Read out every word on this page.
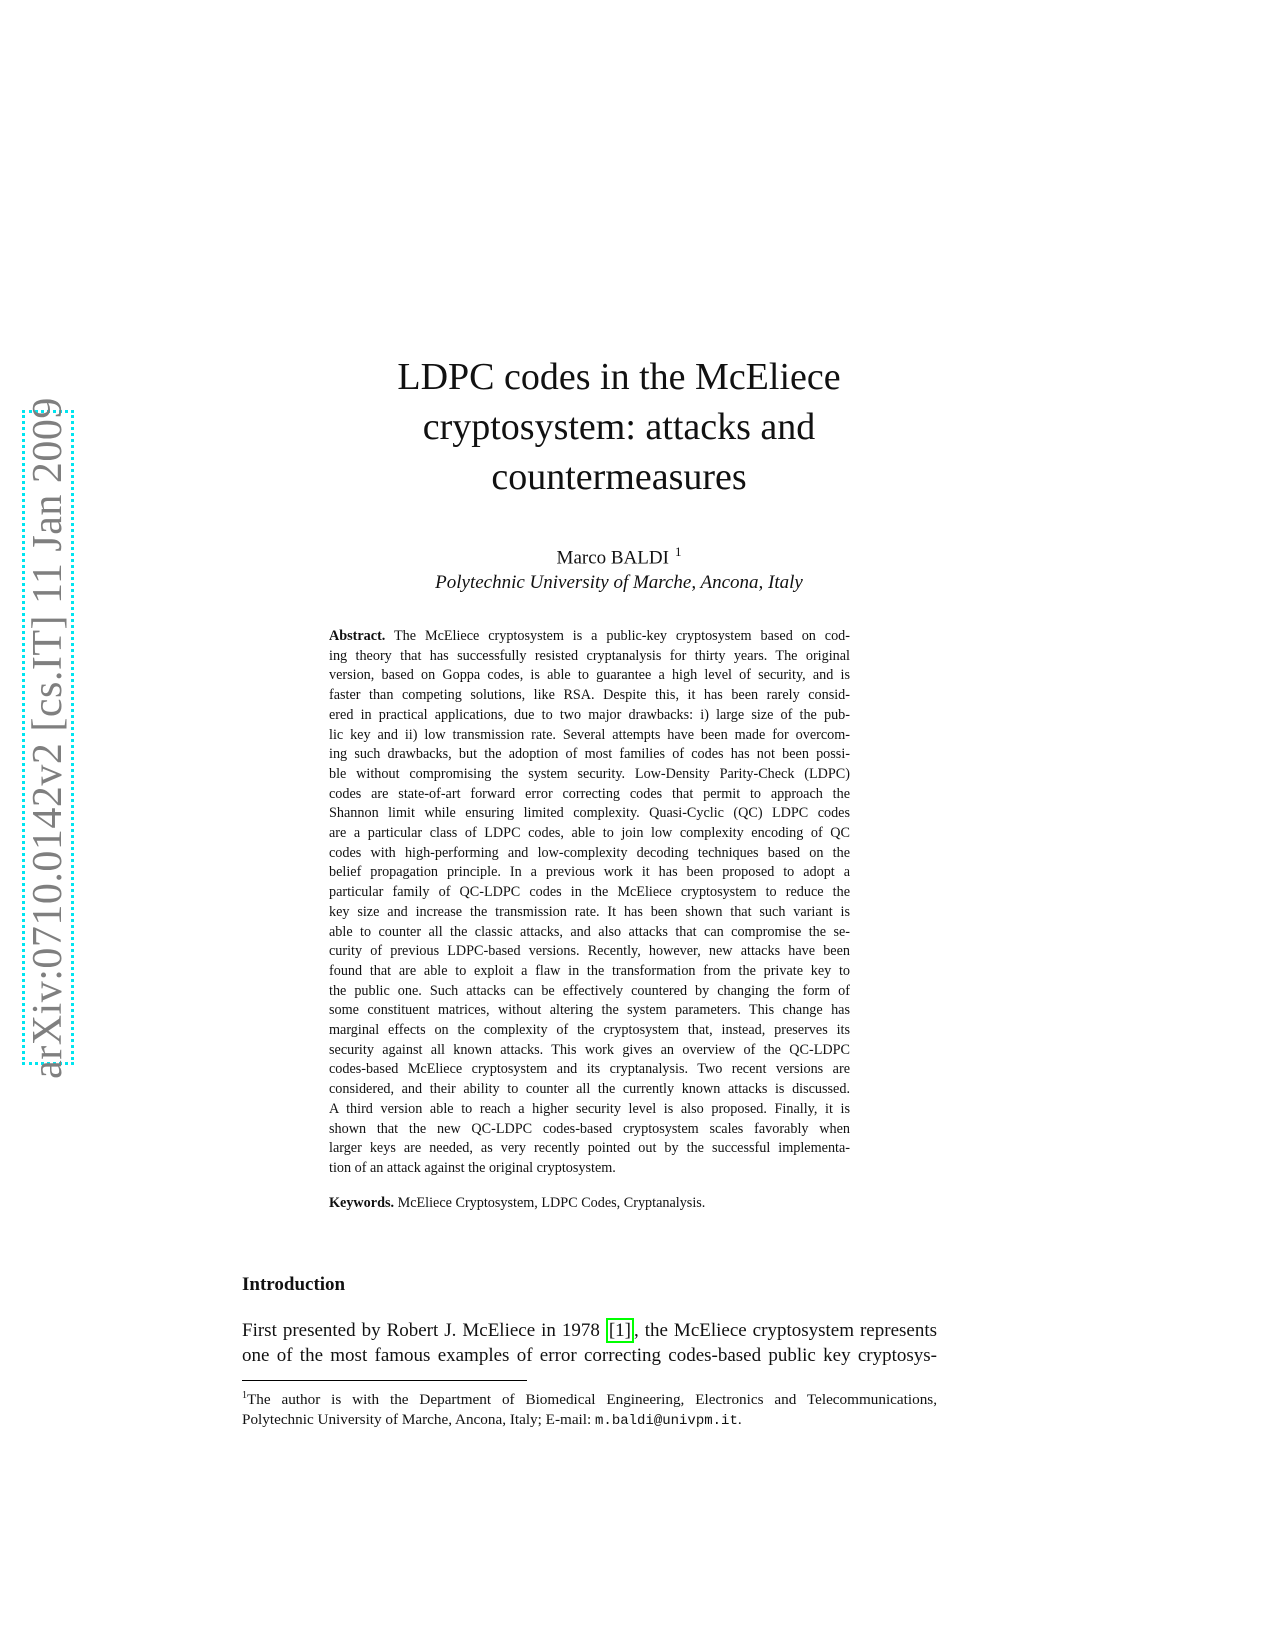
arXiv:0710.0142v2 [cs.IT] 11 Jan 2009
LDPC codes in the McEliece
cryptosystem: attacks and
countermeasures
Marco BALDI $^1$
Polytechnic University of Marche, Ancona, Italy
Abstract. The McEliece cryptosystem is a public-key cryptosystem based on cod-
ing theory that has successfully resisted cryptanalysis for thirty years. The original
version, based on Goppa codes, is able to guarantee a high level of security, and is
faster than competing solutions, like RSA. Despite this, it has been rarely consid-
ered in practical applications, due to two major drawbacks: i) large size of the pub-
lic key and ii) low transmission rate. Several attempts have been made for overcom-
ing such drawbacks, but the adoption of most families of codes has not been possi-
ble without compromising the system security. Low-Density Parity-Check (LDPC)
codes are state-of-art forward error correcting codes that permit to approach the
Shannon limit while ensuring limited complexity. Quasi-Cyclic (QC) LDPC codes
are a particular class of LDPC codes, able to join low complexity encoding of QC
codes with high-performing and low-complexity decoding techniques based on the
belief propagation principle. In a previous work it has been proposed to adopt a
particular family of QC-LDPC codes in the McEliece cryptosystem to reduce the
key size and increase the transmission rate. It has been shown that such variant is
able to counter all the classic attacks, and also attacks that can compromise the se-
curity of previous LDPC-based versions. Recently, however, new attacks have been
found that are able to exploit a flaw in the transformation from the private key to
the public one. Such attacks can be effectively countered by changing the form of
some constituent matrices, without altering the system parameters. This change has
marginal effects on the complexity of the cryptosystem that, instead, preserves its
security against all known attacks. This work gives an overview of the QC-LDPC
codes-based McEliece cryptosystem and its cryptanalysis. Two recent versions are
considered, and their ability to counter all the currently known attacks is discussed.
A third version able to reach a higher security level is also proposed. Finally, it is
shown that the new QC-LDPC codes-based cryptosystem scales favorably when
larger keys are needed, as very recently pointed out by the successful implementa-
tion of an attack against the original cryptosystem.
Keywords. McEliece Cryptosystem, LDPC Codes, Cryptanalysis.
Introduction
First presented by Robert J. McEliece in 1978 [1] , the McEliece cryptosystem represents
one of the most famous examples of error correcting codes-based public key cryptosys-
$^1$The author is with the Department of Biomedical Engineering, Electronics and Telecommunications,
Polytechnic University of Marche, Ancona, Italy; E-mail: m.baldi@univpm.it.
